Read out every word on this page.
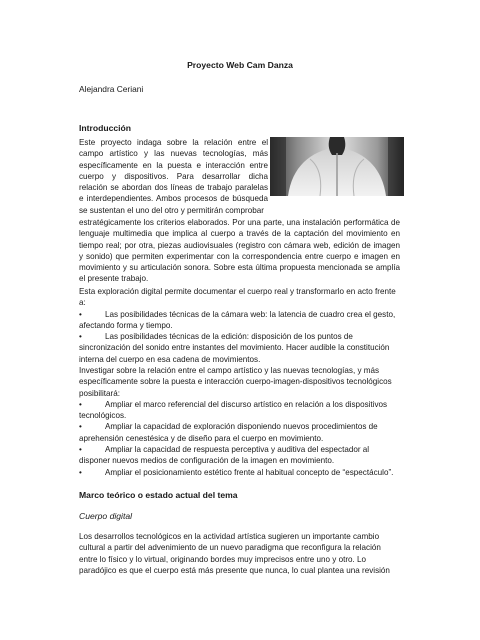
Proyecto Web Cam Danza
Alejandra Ceriani
Introducción
Este proyecto indaga sobre la relación entre el campo artístico y las nuevas tecnologías, más específicamente en la puesta e interacción entre cuerpo y dispositivos. Para desarrollar dicha relación se abordan dos líneas de trabajo paralelas e interdependientes. Ambos procesos de búsqueda se sustentan el uno del otro y permitirán comprobar
estratégicamente los criterios elaborados. Por una parte, una instalación performática de lenguaje multimedia que implica al cuerpo a través de la captación del movimiento en tiempo real; por otra, piezas audiovisuales (registro con cámara web, edición de imagen y sonido) que permiten experimentar con la correspondencia entre cuerpo e imagen en movimiento y su articulación sonora. Sobre esta última propuesta mencionada se amplía el presente trabajo.

Esta exploración digital permite documentar el cuerpo real y transformarlo en acto frente a:

•	Las posibilidades técnicas de la cámara web: la latencia de cuadro crea el gesto, afectando forma y tiempo.

•	Las posibilidades técnicas de la edición: disposición de los puntos de sincronización del sonido entre instantes del movimiento. Hacer audible la constitución interna del cuerpo en esa cadena de movimientos.

Investigar sobre la relación entre el campo artístico y las nuevas tecnologías, y más específicamente sobre la puesta e interacción cuerpo-imagen-dispositivos tecnológicos posibilitará:

•	Ampliar el marco referencial del discurso artístico en relación a los dispositivos tecnológicos.

•	Ampliar la capacidad de exploración disponiendo nuevos procedimientos de aprehensión cenestésica y de diseño para el cuerpo en movimiento.

•	Ampliar la capacidad de respuesta perceptiva y auditiva del espectador al disponer nuevos medios de configuración de la imagen en movimiento.

•	Ampliar el posicionamiento estético frente al habitual concepto de “espectáculo”.

Marco teórico o estado actual del tema
Cuerpo digital
Los desarrollos tecnológicos en la actividad artística sugieren un importante cambio cultural a partir del advenimiento de un nuevo paradigma que reconfigura la relación entre lo físico y lo virtual, originando bordes muy imprecisos entre uno y otro. Lo paradójico es que el cuerpo está más presente que nunca, lo cual plantea una revisión
